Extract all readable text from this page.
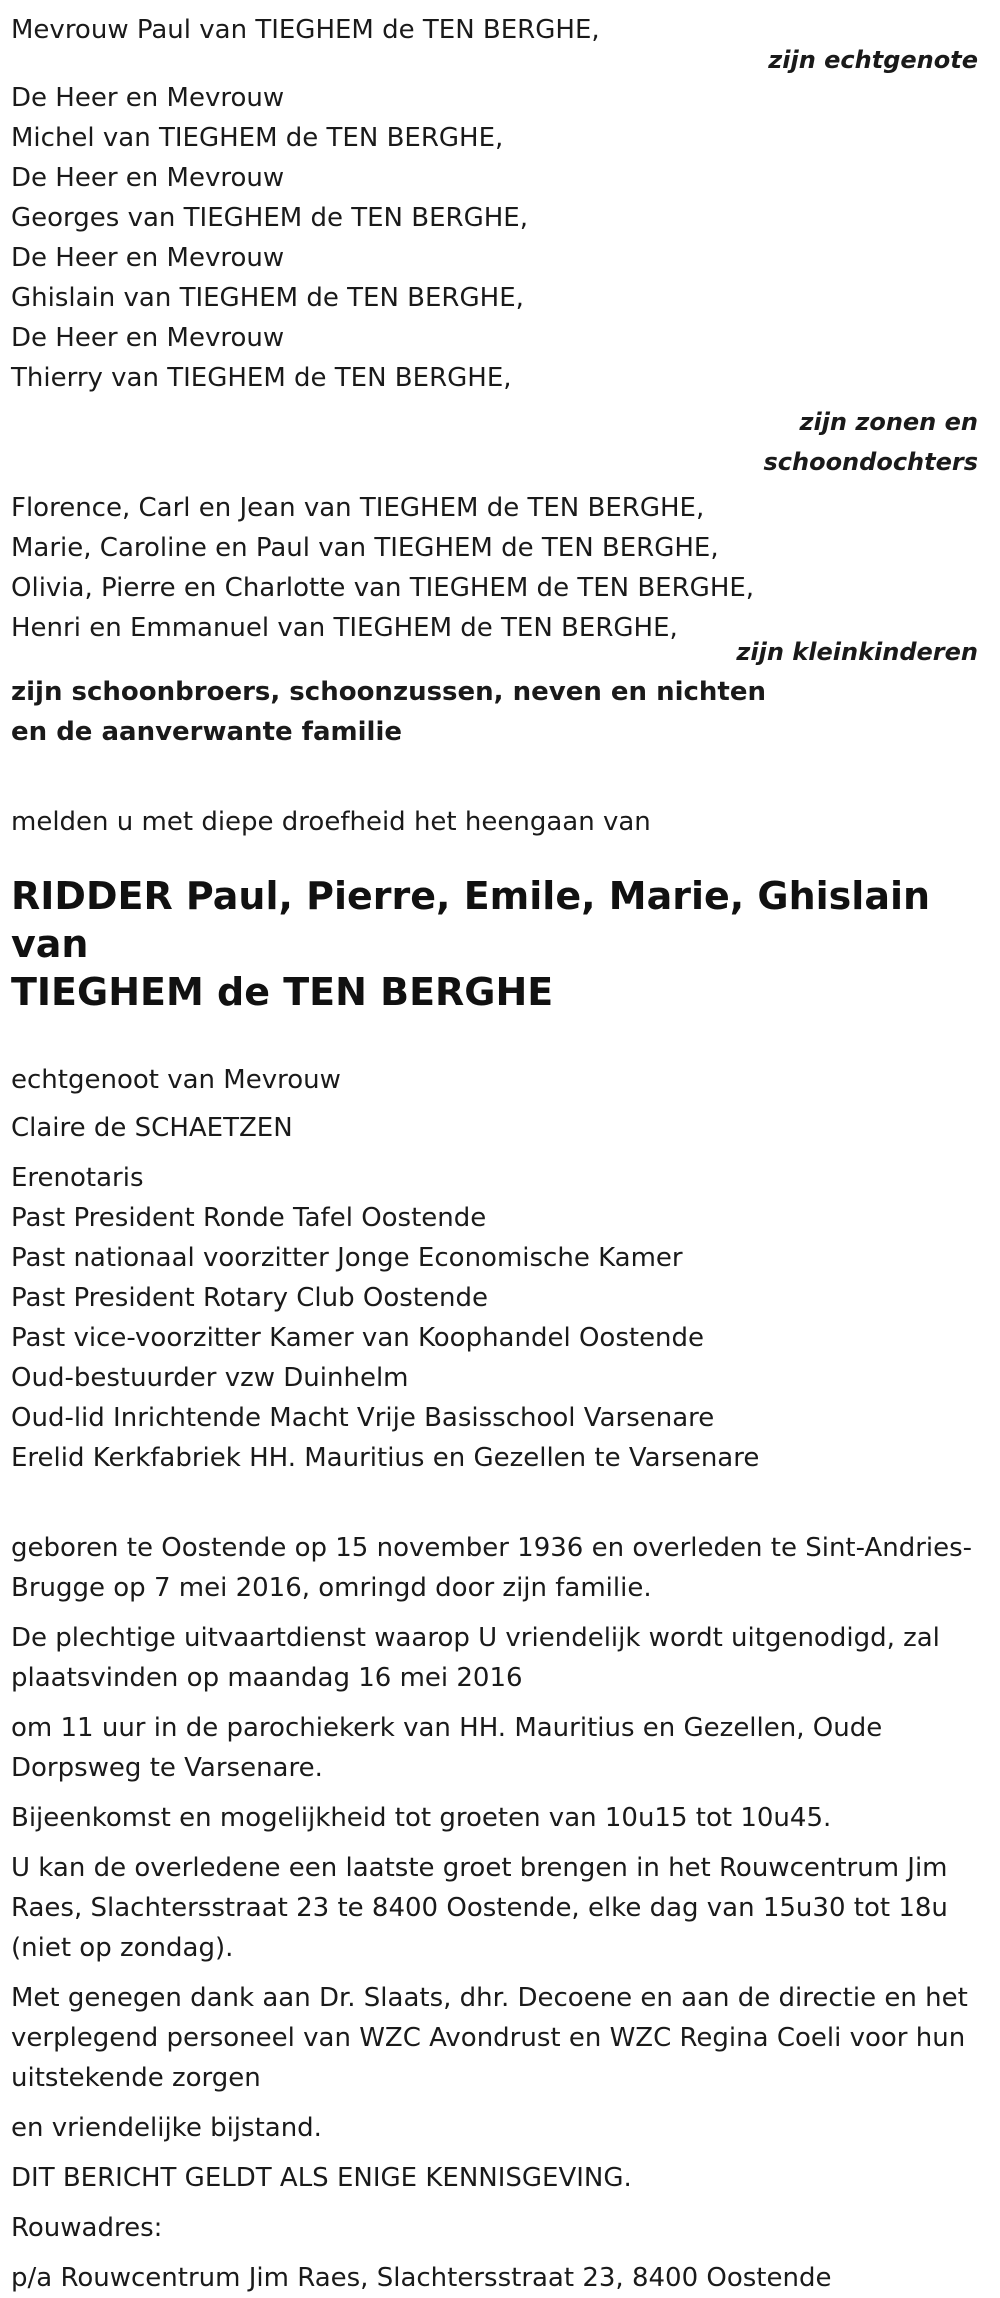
Mevrouw Paul van TIEGHEM de TEN BERGHE,

zijn echtgenote

De Heer en Mevrouw

Michel van TIEGHEM de TEN BERGHE,

De Heer en Mevrouw

Georges van TIEGHEM de TEN BERGHE,

De Heer en Mevrouw

Ghislain van TIEGHEM de TEN BERGHE,

De Heer en Mevrouw

Thierry van TIEGHEM de TEN BERGHE,

zijn zonen en

schoondochters

Florence, Carl en Jean van TIEGHEM de TEN BERGHE,

Marie, Caroline en Paul van TIEGHEM de TEN BERGHE,

Olivia, Pierre en Charlotte van TIEGHEM de TEN BERGHE,

Henri en Emmanuel van TIEGHEM de TEN BERGHE,

zijn kleinkinderen

zijn schoonbroers, schoonzussen, neven en nichten

en de aanverwante familie

melden u met diepe droefheid het heengaan van

RIDDER Paul, Pierre, Emile, Marie, Ghislain van

TIEGHEM de TEN BERGHE

echtgenoot van Mevrouw

Claire de SCHAETZEN

Erenotaris

Past President Ronde Tafel Oostende

Past nationaal voorzitter Jonge Economische Kamer

Past President Rotary Club Oostende

Past vice-voorzitter Kamer van Koophandel Oostende

Oud-bestuurder vzw Duinhelm

Oud-lid Inrichtende Macht Vrije Basisschool Varsenare

Erelid Kerkfabriek HH. Mauritius en Gezellen te Varsenare

geboren te Oostende op 15 november 1936 en overleden te Sint-Andries-

Brugge op 7 mei 2016, omringd door zijn familie.

De plechtige uitvaartdienst waarop U vriendelijk wordt uitgenodigd, zal

plaatsvinden op maandag 16 mei 2016

om 11 uur in de parochiekerk van HH. Mauritius en Gezellen, Oude

Dorpsweg te Varsenare.

Bijeenkomst en mogelijkheid tot groeten van 10u15 tot 10u45.

U kan de overledene een laatste groet brengen in het Rouwcentrum Jim

Raes, Slachtersstraat 23 te 8400 Oostende, elke dag van 15u30 tot 18u

(niet op zondag).

Met genegen dank aan Dr. Slaats, dhr. Decoene en aan de directie en het

verplegend personeel van WZC Avondrust en WZC Regina Coeli voor hun

uitstekende zorgen

en vriendelijke bijstand.

DIT BERICHT GELDT ALS ENIGE KENNISGEVING.

Rouwadres:

p/a Rouwcentrum Jim Raes, Slachtersstraat 23, 8400 Oostende
